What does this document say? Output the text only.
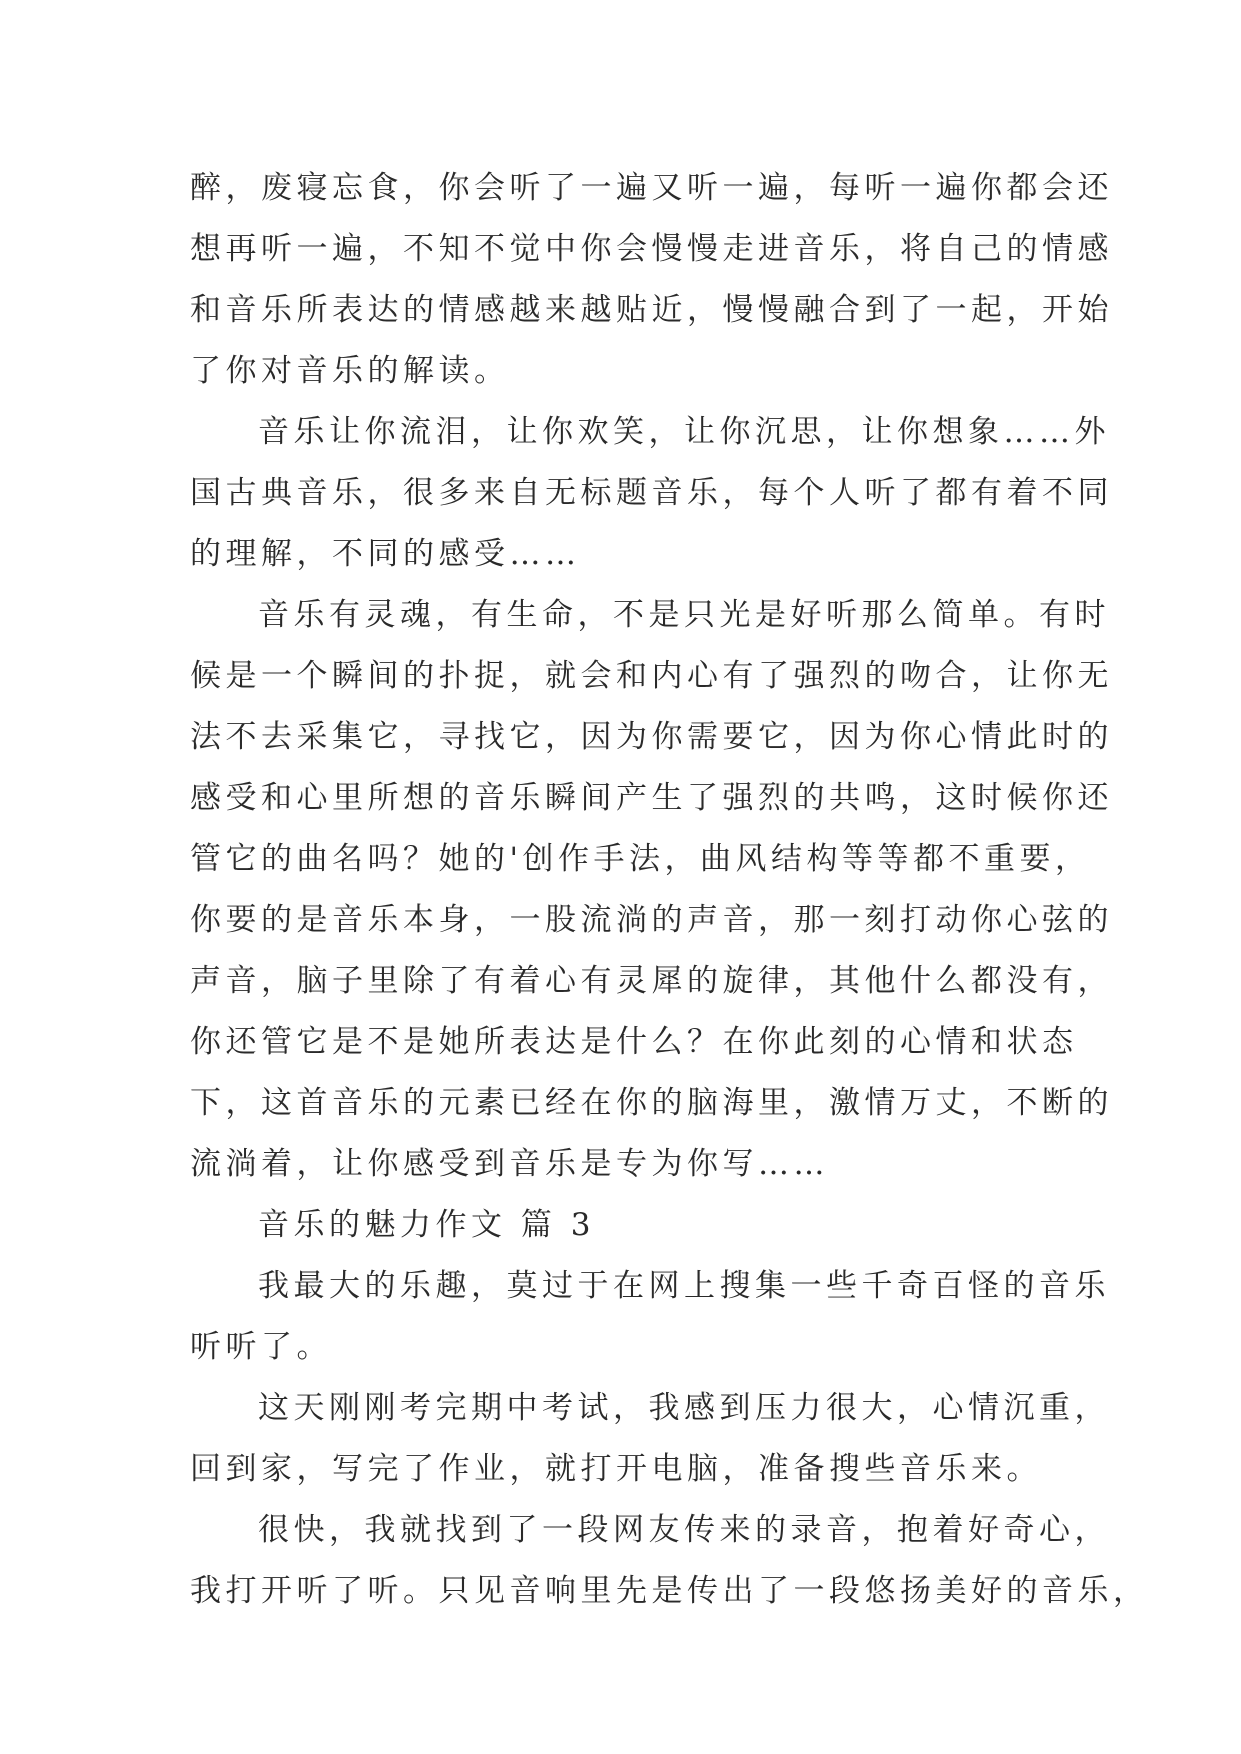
醉，废寝忘食，你会听了一遍又听一遍，每听一遍你都会还
想再听一遍，不知不觉中你会慢慢走进音乐，将自己的情感
和音乐所表达的情感越来越贴近，慢慢融合到了一起，开始
了你对音乐的解读。
音乐让你流泪，让你欢笑，让你沉思，让你想象……外
国古典音乐，很多来自无标题音乐，每个人听了都有着不同
的理解，不同的感受……
音乐有灵魂，有生命，不是只光是好听那么简单。有时
候是一个瞬间的扑捉，就会和内心有了强烈的吻合，让你无
法不去采集它，寻找它，因为你需要它，因为你心情此时的
感受和心里所想的音乐瞬间产生了强烈的共鸣，这时候你还
管它的曲名吗？她的'创作手法，曲风结构等等都不重要，
你要的是音乐本身，一股流淌的声音，那一刻打动你心弦的
声音，脑子里除了有着心有灵犀的旋律，其他什么都没有，
你还管它是不是她所表达是什么？在你此刻的心情和状态
下，这首音乐的元素已经在你的脑海里，激情万丈，不断的
流淌着，让你感受到音乐是专为你写……
音乐的魅力作文 篇 3
我最大的乐趣，莫过于在网上搜集一些千奇百怪的音乐
听听了。
这天刚刚考完期中考试，我感到压力很大，心情沉重，
回到家，写完了作业，就打开电脑，准备搜些音乐来。
很快，我就找到了一段网友传来的录音，抱着好奇心，
我打开听了听。只见音响里先是传出了一段悠扬美好的音乐，
